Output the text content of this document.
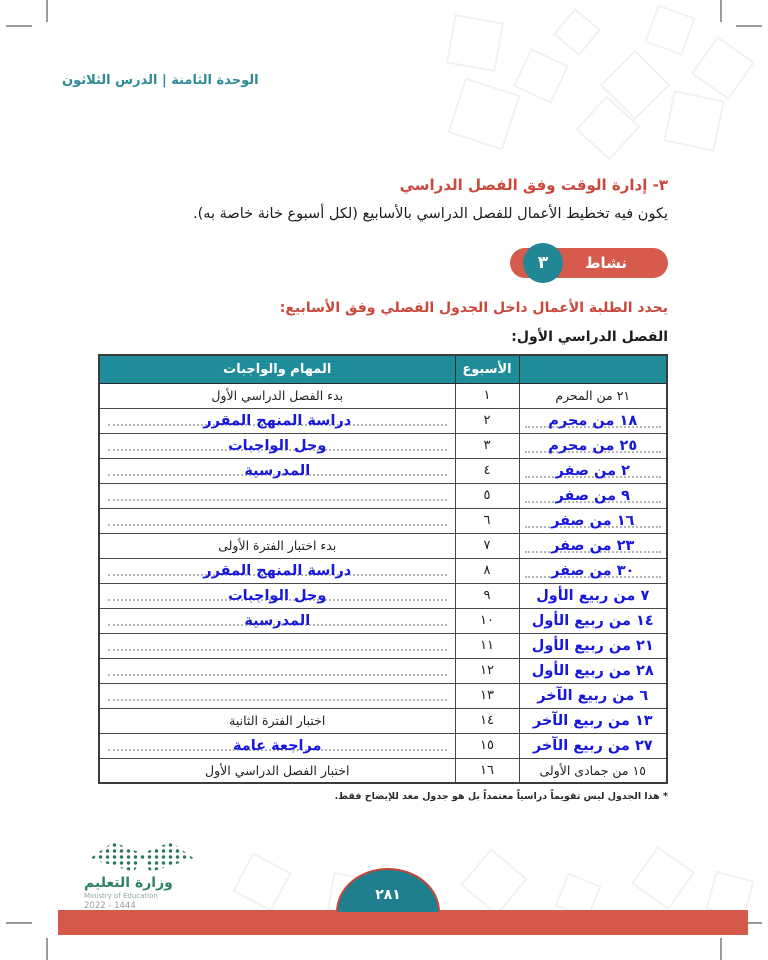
الوحدة الثامنة | الدرس الثلاثون
٣- إدارة الوقت وفق الفصل الدراسي

يكون فيه تخطيط الأعمال للفصل الدراسي بالأسابيع (لكل أسبوع خانة خاصة به).

نشاط
٣

يحدد الطلبة الأعمال داخل الجدول الفصلي وفق الأسابيع:

الفصل الدراسي الأول:

	الأسبوع	المهام والواجبات
٢١ من المحرم	١	بدء الفصل الدراسي الأول

١٨ من محرم	٢	دراسة المنهج المقرر

٢٥ من محرم	٣	وحل الواجبات

٢ من صفر	٤	المدرسية

٩ من صفر	٥	

١٦ من صفر	٦	

٢٣ من صفر	٧	بدء اختبار الفترة الأولى

٣٠ من صفر	٨	دراسة المنهج المقرر
٧ من ربيع الأول	٩	وحل الواجبات
١٤ من ربيع الأول	١٠	المدرسية
٢١ من ربيع الأول	١١	

٢٨ من ربيع الأول	١٢	

٦ من ربيع الآخر	١٣	

١٣ من ربيع الآخر	١٤	اختبار الفترة الثانية
٢٧ من ربيع الآخر	١٥	مراجعة عامة
١٥ من جمادى الأولى	١٦	اختبار الفصل الدراسي الأول

* هذا الجدول ليس تقويماً دراسياً معتمداً بل هو جدول معد للإيضاح فقط.

وزارة التعليم
Ministry of Education
2022 - 1444
٢٨١
